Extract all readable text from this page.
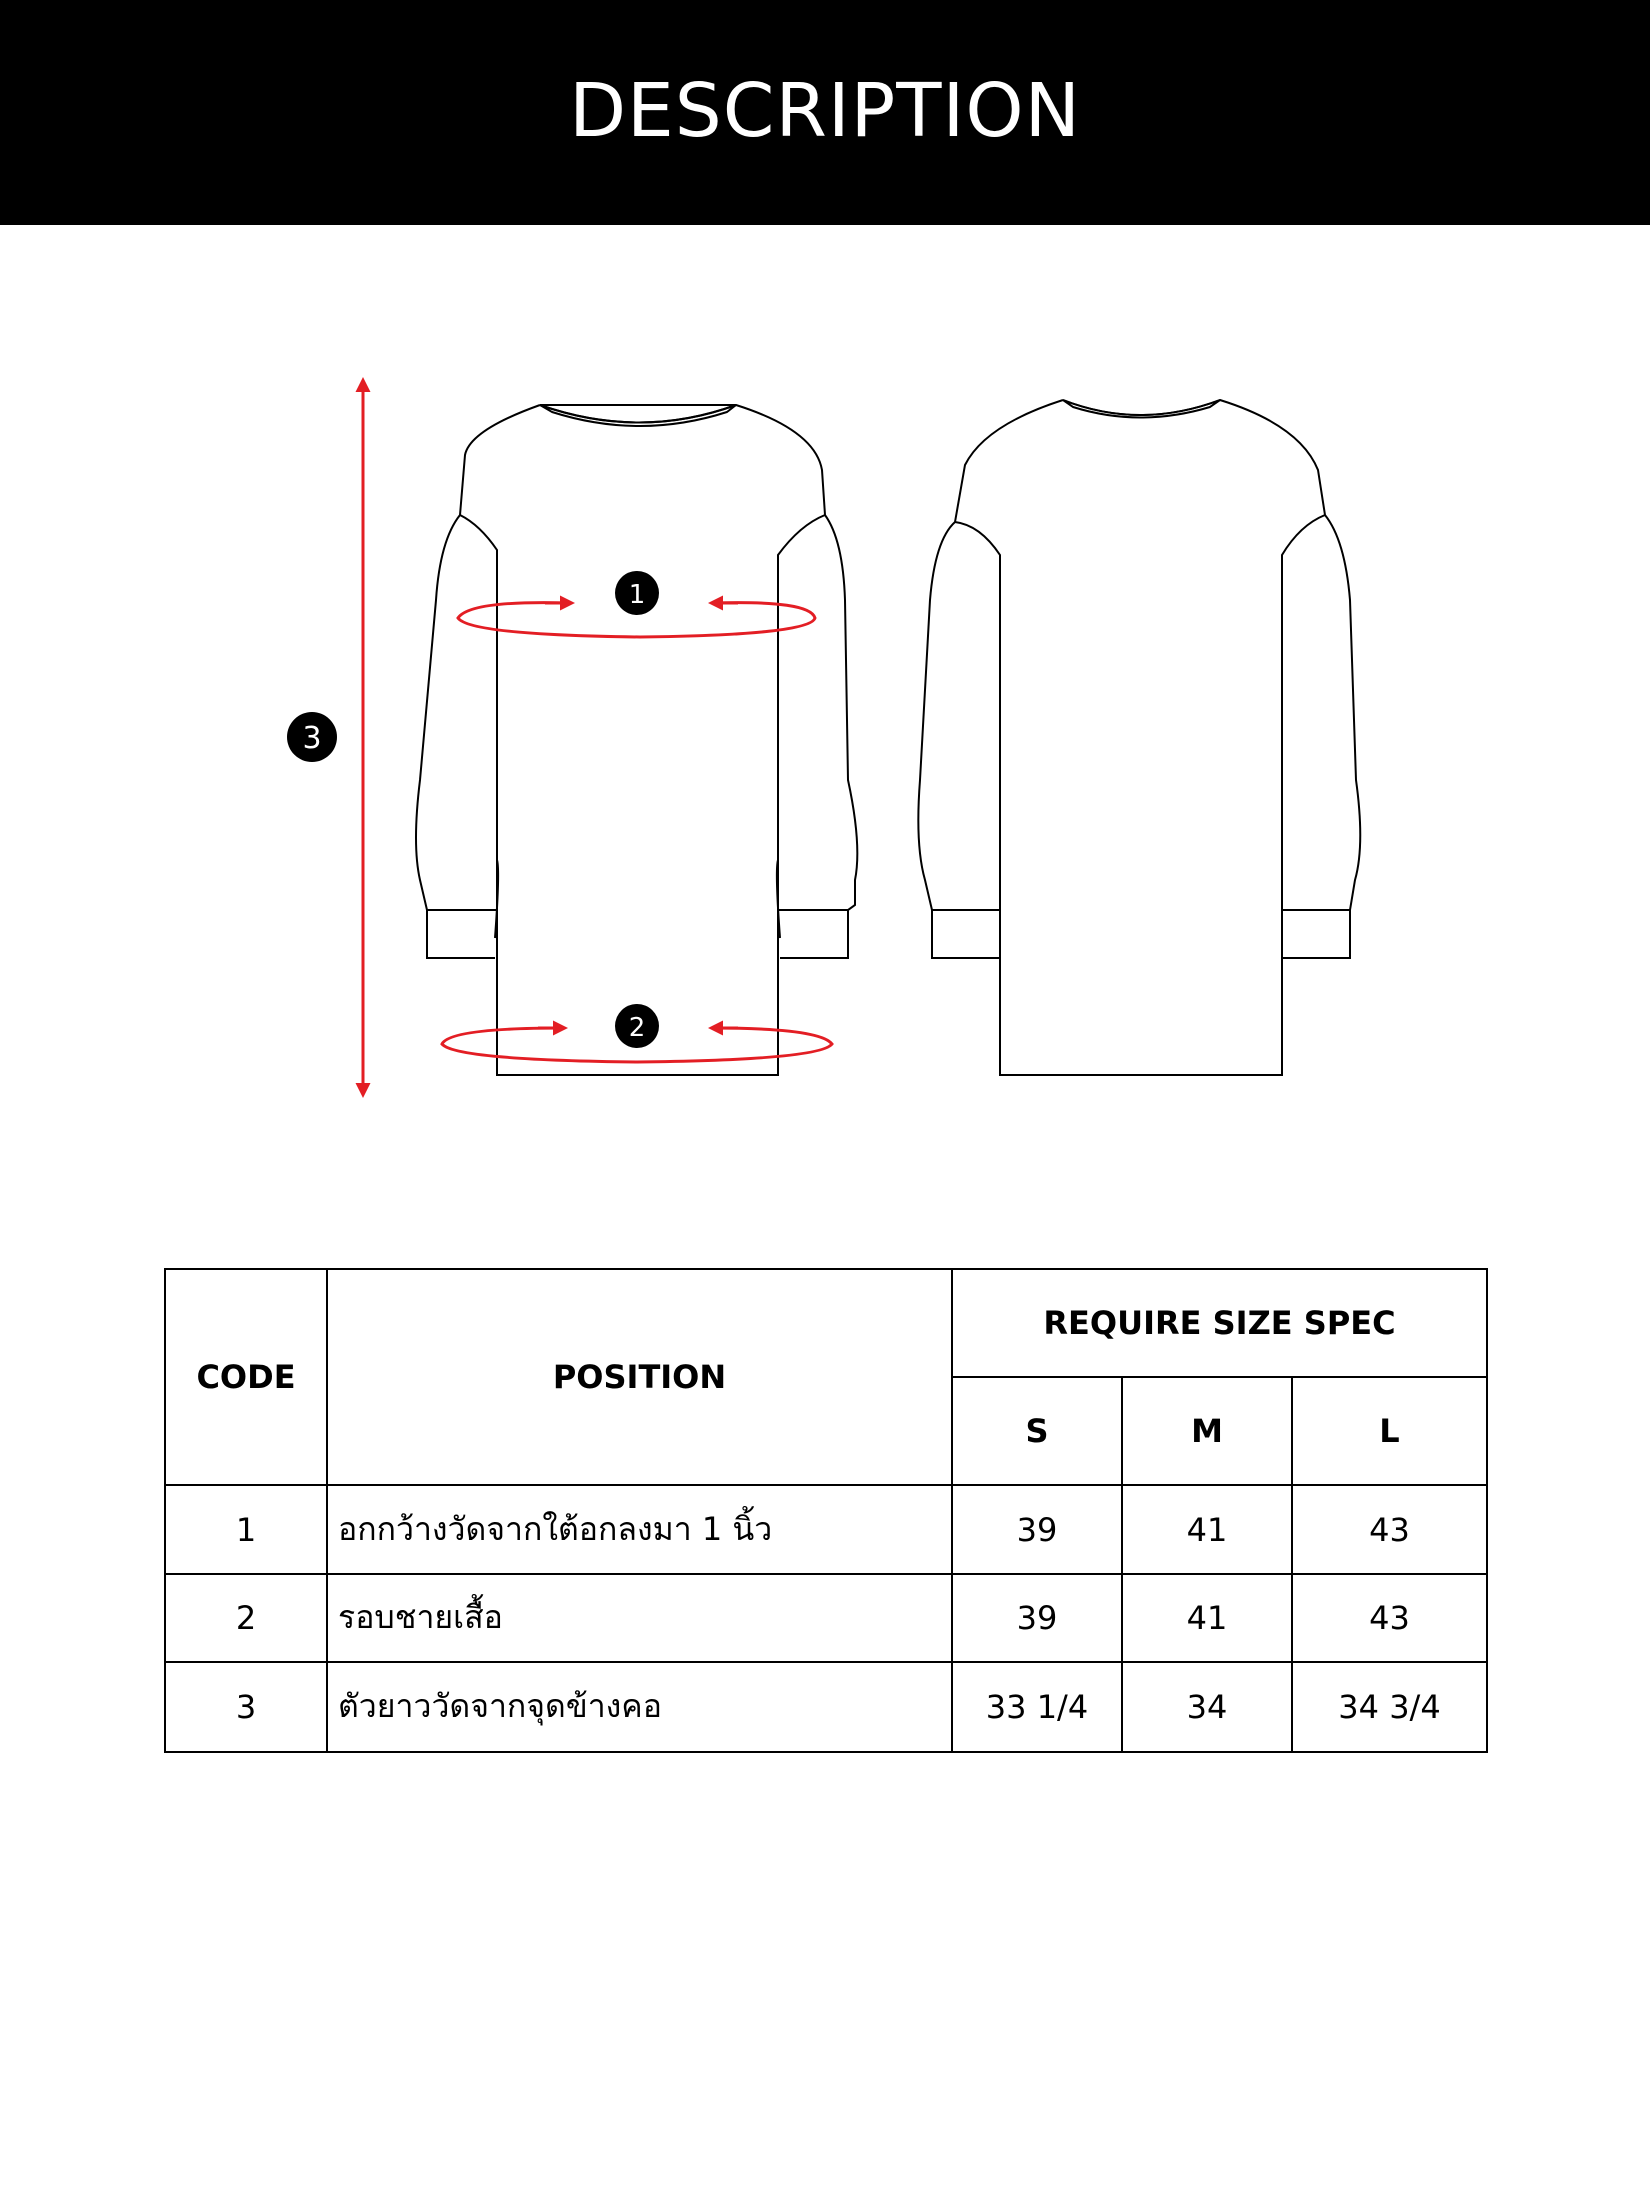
DESCRIPTION
3
1
2
CODE	POSITION	REQUIRE SIZE SPEC		
		S	M	L
1	อกกว้างวัดจากใต้อกลงมา 1 นิ้ว	39	41	43
2	รอบชายเสื้อ	39	41	43
3	ตัวยาววัดจากจุดข้างคอ	33 1/4	34	34 3/4
